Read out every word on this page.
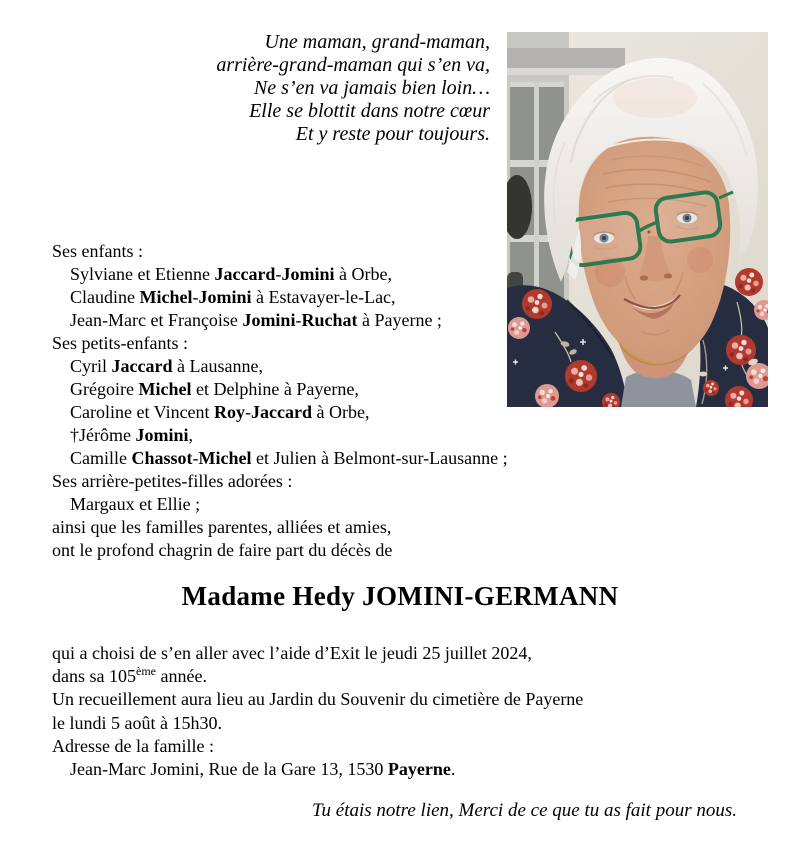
Une maman, grand-maman,
arrière-grand-maman qui s’en va,
Ne s’en va jamais bien loin…
Elle se blottit dans notre cœur
Et y reste pour toujours.
Ses enfants :
Sylviane et Etienne Jaccard-Jomini à Orbe,
Claudine Michel-Jomini à Estavayer-le-Lac,
Jean-Marc et Françoise Jomini-Ruchat à Payerne ;
Ses petits-enfants :
Cyril Jaccard à Lausanne,
Grégoire Michel et Delphine à Payerne,
Caroline et Vincent Roy-Jaccard à Orbe,
†Jérôme Jomini,
Camille Chassot-Michel et Julien à Belmont-sur-Lausanne ;
Ses arrière-petites-filles adorées :
Margaux et Ellie ;
ainsi que les familles parentes, alliées et amies,
ont le profond chagrin de faire part du décès de
Madame Hedy JOMINI-GERMANN
qui a choisi de s’en aller avec l’aide d’Exit le jeudi 25 juillet 2024,
dans sa 105ème année.
Un recueillement aura lieu au Jardin du Souvenir du cimetière de Payerne
le lundi 5 août à 15h30.
Adresse de la famille :
Jean-Marc Jomini, Rue de la Gare 13, 1530 Payerne.
Tu étais notre lien, Merci de ce que tu as fait pour nous.
